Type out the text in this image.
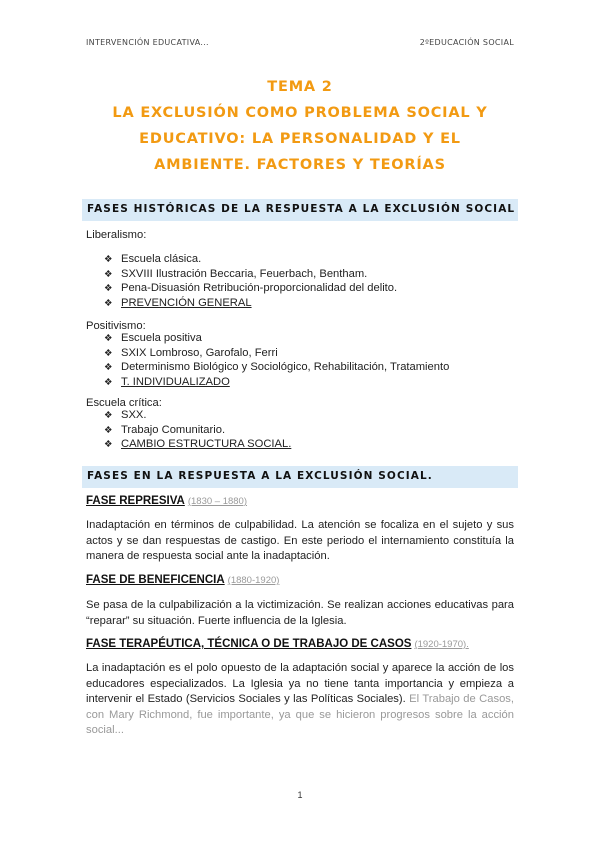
INTERVENCIÓN EDUCATIVA...	2ºEDUCACIÓN SOCIAL
TEMA 2
LA EXCLUSIÓN COMO PROBLEMA SOCIAL Y
EDUCATIVO: LA PERSONALIDAD Y EL
AMBIENTE. FACTORES Y TEORÍAS
FASES HISTÓRICAS DE LA RESPUESTA A LA EXCLUSIÓN SOCIAL
Liberalismo:
❖ Escuela clásica.
❖ SXVIII Ilustración Beccaria, Feuerbach, Bentham.
❖ Pena-Disuasión Retribución-proporcionalidad del delito.
❖ PREVENCIÓN GENERAL
Positivismo:
❖ Escuela positiva
❖ SXIX Lombroso, Garofalo, Ferri
❖ Determinismo Biológico y Sociológico, Rehabilitación, Tratamiento
❖ T. INDIVIDUALIZADO
Escuela crítica:
❖ SXX.
❖ Trabajo Comunitario.
❖ CAMBIO ESTRUCTURA SOCIAL.
FASES EN LA RESPUESTA A LA EXCLUSIÓN SOCIAL.
FASE REPRESIVA (1830 – 1880)
Inadaptación en términos de culpabilidad. La atención se focaliza en el sujeto y sus actos y se dan respuestas de castigo. En este periodo el internamiento constituía la manera de respuesta social ante la inadaptación.
FASE DE BENEFICENCIA (1880-1920)
Se pasa de la culpabilización a la victimización. Se realizan acciones educativas para “reparar” su situación. Fuerte influencia de la Iglesia.
FASE TERAPÉUTICA, TÉCNICA O DE TRABAJO DE CASOS (1920-1970).
La inadaptación es el polo opuesto de la adaptación social y aparece la acción de los educadores especializados. La Iglesia ya no tiene tanta importancia y empieza a intervenir el Estado (Servicios Sociales y las Políticas Sociales). El Trabajo de Casos, con Mary Richmond, fue importante, ya que se hicieron progresos sobre la acción social...
1
